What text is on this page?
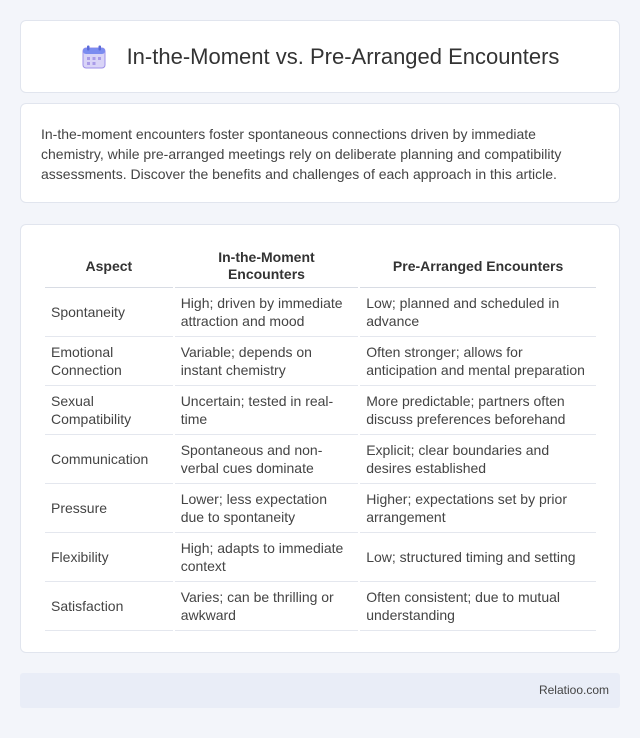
In-the-Moment vs. Pre-Arranged Encounters

In-the-moment encounters foster spontaneous connections driven by immediate chemistry, while pre-arranged meetings rely on deliberate planning and compatibility assessments. Discover the benefits and challenges of each approach in this article.

Aspect	In-the-Moment Encounters	Pre-Arranged Encounters
Spontaneity	High; driven by immediate attraction and mood	Low; planned and scheduled in advance
Emotional Connection	Variable; depends on instant chemistry	Often stronger; allows for anticipation and mental preparation
Sexual Compatibility	Uncertain; tested in real-time	More predictable; partners often discuss preferences beforehand
Communication	Spontaneous and non-verbal cues dominate	Explicit; clear boundaries and desires established
Pressure	Lower; less expectation due to spontaneity	Higher; expectations set by prior arrangement
Flexibility	High; adapts to immediate context	Low; structured timing and setting
Satisfaction	Varies; can be thrilling or awkward	Often consistent; due to mutual understanding
Relatioo.com
